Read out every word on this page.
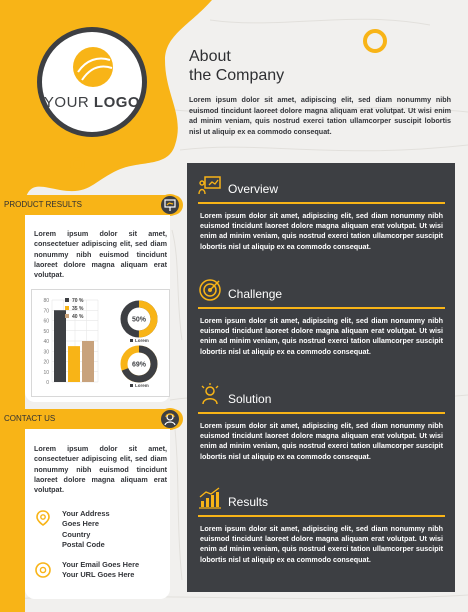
YOUR LOGO
About
the Company

Lorem ipsum dolor sit amet, adipiscing elit, sed diam nonummy nibh euismod tincidunt laoreet dolore magna aliquam erat volutpat. Ut wisi enim ad minim veniam, quis nostrud exerci tation ullamcorper suscipit lobortis nisl ut aliquip ex ea commodo consequat.

PRODUCT RESULTS

Lorem ipsum dolor sit amet, consectetuer adipiscing elit, sed diam nonummy nibh euismod tincidunt laoreet dolore magna aliquam erat volutpat.

80
70
60
50
40
30
20
10
0
70 %
35 %
40 %	50%
Lorem
69%
Lorem
CONTACT US

Lorem ipsum dolor sit amet, consectetuer adipiscing elit, sed diam nonummy nibh euismod tincidunt laoreet dolore magna aliquam erat volutpat.

Your Address
Goes Here
Country
Postal Code
Your Email Goes Here
Your URL Goes Here
Overview

Lorem ipsum dolor sit amet, adipiscing elit, sed diam nonummy nibh euismod tincidunt laoreet dolore magna aliquam erat volutpat. Ut wisi enim ad minim veniam, quis nostrud exerci tation ullamcorper suscipit lobortis nisl ut aliquip ex ea commodo consequat.

Challenge

Lorem ipsum dolor sit amet, adipiscing elit, sed diam nonummy nibh euismod tincidunt laoreet dolore magna aliquam erat volutpat. Ut wisi enim ad minim veniam, quis nostrud exerci tation ullamcorper suscipit lobortis nisl ut aliquip ex ea commodo consequat.

Solution

Lorem ipsum dolor sit amet, adipiscing elit, sed diam nonummy nibh euismod tincidunt laoreet dolore magna aliquam erat volutpat. Ut wisi enim ad minim veniam, quis nostrud exerci tation ullamcorper suscipit lobortis nisl ut aliquip ex ea commodo consequat.

Results

Lorem ipsum dolor sit amet, adipiscing elit, sed diam nonummy nibh euismod tincidunt laoreet dolore magna aliquam erat volutpat. Ut wisi enim ad minim veniam, quis nostrud exerci tation ullamcorper suscipit lobortis nisl ut aliquip ex ea commodo consequat.
